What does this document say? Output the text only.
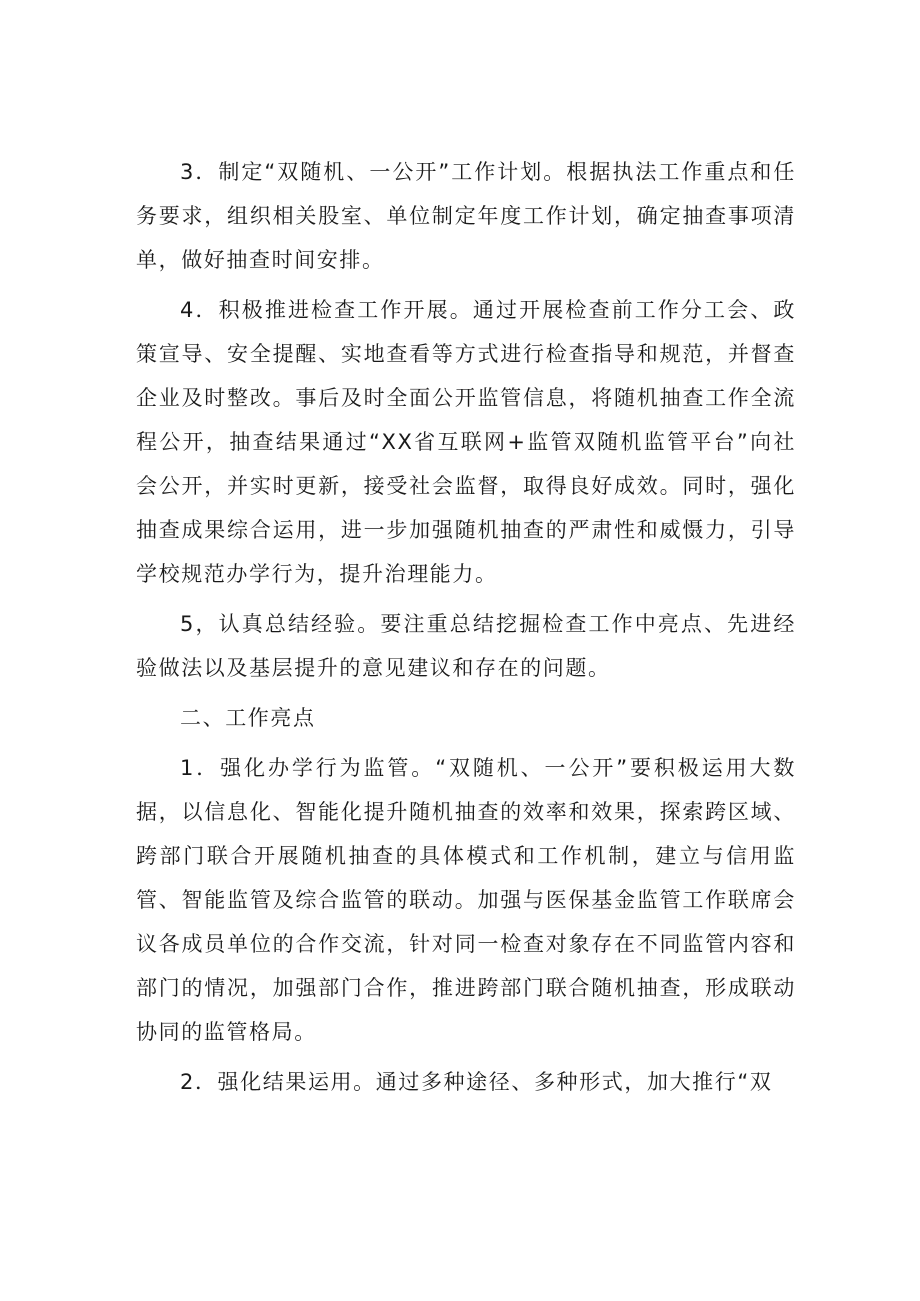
3．制定“双随机、一公开”工作计划。根据执法工作重点和任务要求，组织相关股室、单位制定年度工作计划，确定抽查事项清单，做好抽查时间安排。

4．积极推进检查工作开展。通过开展检查前工作分工会、政策宣导、安全提醒、实地查看等方式进行检查指导和规范，并督查企业及时整改。事后及时全面公开监管信息，将随机抽查工作全流程公开，抽查结果通过“XX省互联网+监管双随机监管平台”向社会公开，并实时更新，接受社会监督，取得良好成效。同时，强化抽查成果综合运用，进一步加强随机抽查的严肃性和威慑力，引导学校规范办学行为，提升治理能力。

5，认真总结经验。要注重总结挖掘检查工作中亮点、先进经验做法以及基层提升的意见建议和存在的问题。

二、工作亮点

1．强化办学行为监管。“双随机、一公开”要积极运用大数据，以信息化、智能化提升随机抽查的效率和效果，探索跨区域、跨部门联合开展随机抽查的具体模式和工作机制，建立与信用监管、智能监管及综合监管的联动。加强与医保基金监管工作联席会议各成员单位的合作交流，针对同一检查对象存在不同监管内容和部门的情况，加强部门合作，推进跨部门联合随机抽查，形成联动协同的监管格局。

2．强化结果运用。通过多种途径、多种形式，加大推行“双
